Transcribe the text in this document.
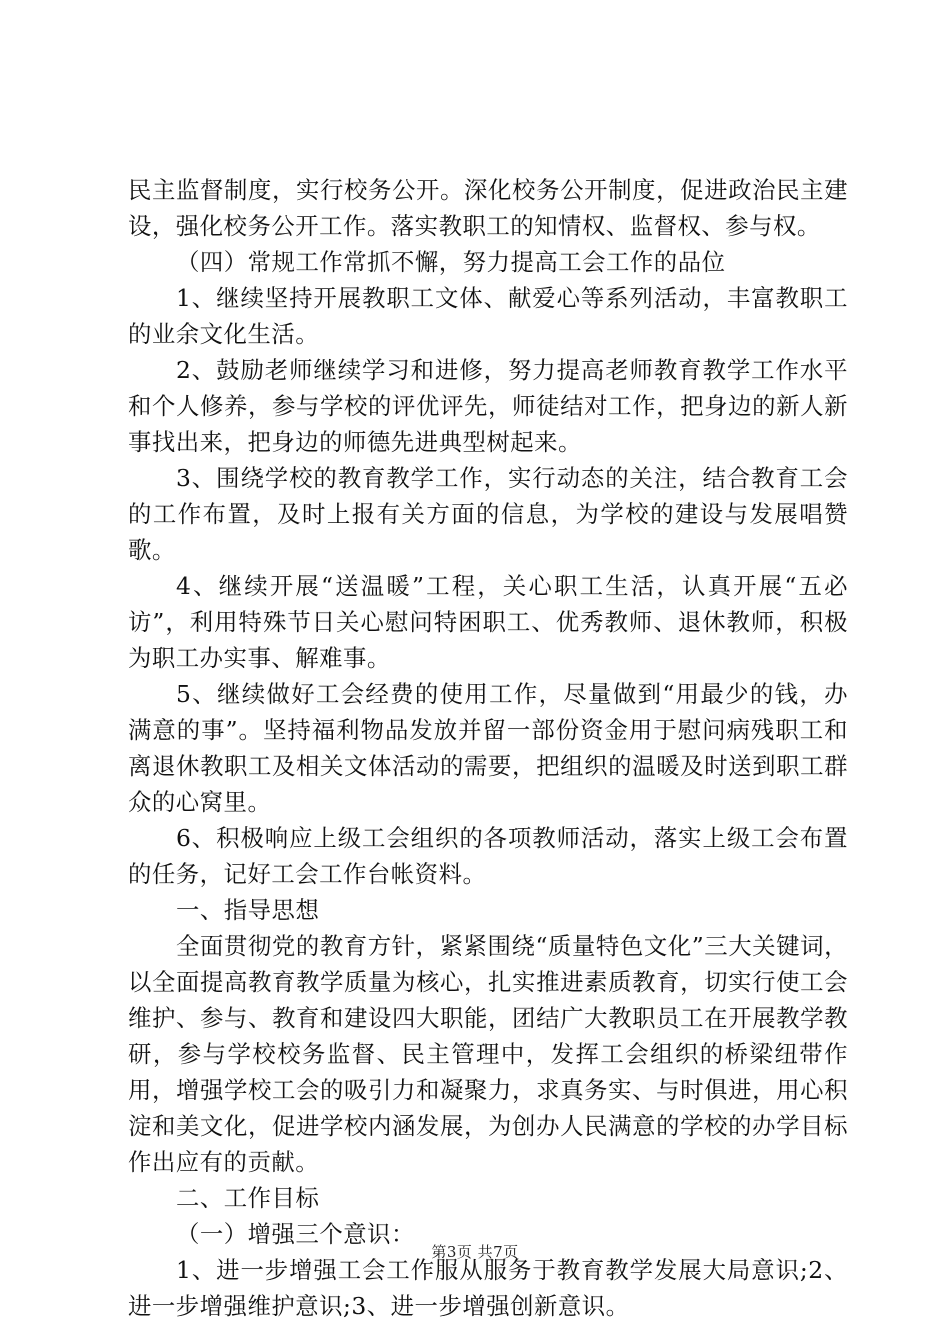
民主监督制度，实行校务公开。深化校务公开制度，促进政治民主建设，强化校务公开工作。落实教职工的知情权、监督权、参与权。

（四）常规工作常抓不懈，努力提高工会工作的品位

1、继续坚持开展教职工文体、献爱心等系列活动，丰富教职工的业余文化生活。

2、鼓励老师继续学习和进修，努力提高老师教育教学工作水平和个人修养，参与学校的评优评先，师徒结对工作，把身边的新人新事找出来，把身边的师德先进典型树起来。

3、围绕学校的教育教学工作，实行动态的关注，结合教育工会的工作布置，及时上报有关方面的信息，为学校的建设与发展唱赞歌。

4、继续开展“送温暖”工程，关心职工生活，认真开展“五必访”，利用特殊节日关心慰问特困职工、优秀教师、退休教师，积极为职工办实事、解难事。

5、继续做好工会经费的使用工作，尽量做到“用最少的钱，办满意的事”。坚持福利物品发放并留一部份资金用于慰问病残职工和离退休教职工及相关文体活动的需要，把组织的温暖及时送到职工群众的心窝里。

6、积极响应上级工会组织的各项教师活动，落实上级工会布置的任务，记好工会工作台帐资料。

一、指导思想

全面贯彻党的教育方针，紧紧围绕“质量特色文化”三大关键词，以全面提高教育教学质量为核心，扎实推进素质教育，切实行使工会维护、参与、教育和建设四大职能，团结广大教职员工在开展教学教研，参与学校校务监督、民主管理中，发挥工会组织的桥梁纽带作用，增强学校工会的吸引力和凝聚力，求真务实、与时俱进，用心积淀和美文化，促进学校内涵发展，为创办人民满意的学校的办学目标作出应有的贡献。

二、工作目标

（一）增强三个意识：

1、进一步增强工会工作服从服务于教育教学发展大局意识;2、进一步增强维护意识;3、进一步增强创新意识。

第3页 共7页
